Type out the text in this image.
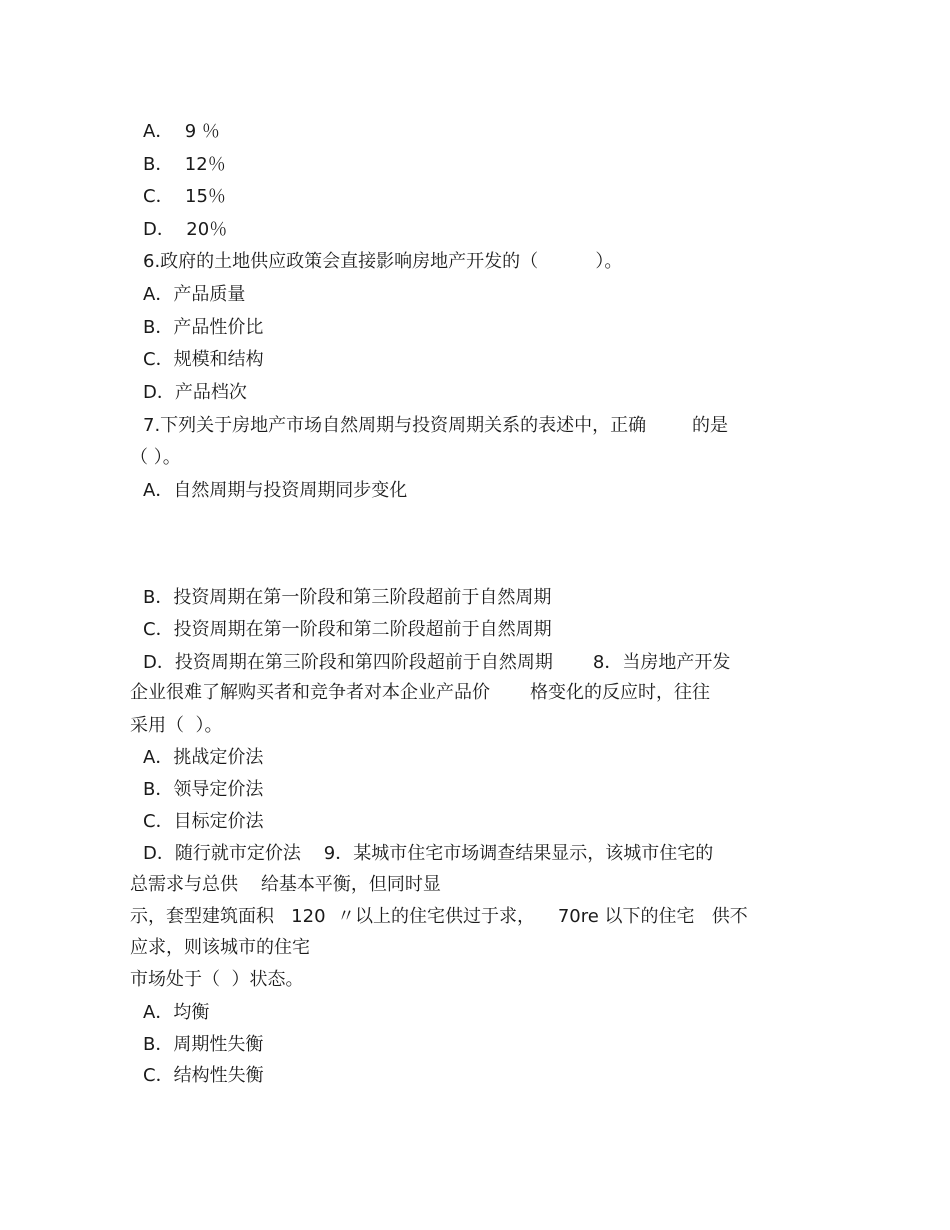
A．  9 ％
B．  12％
C．  15％
D．  20％
6.政府的土地供应政策会直接影响房地产开发的（          ）。
A．产品质量
B．产品性价比
C．规模和结构
D．产品档次
7.下列关于房地产市场自然周期与投资周期关系的表述中，正确        的是
（ ）。
A．自然周期与投资周期同步变化
B．投资周期在第一阶段和第三阶段超前于自然周期
C．投资周期在第一阶段和第二阶段超前于自然周期
D．投资周期在第三阶段和第四阶段超前于自然周期       8．当房地产开发
企业很难了解购买者和竞争者对本企业产品价       格变化的反应时，往往
采用（  ）。
A．挑战定价法
B．领导定价法
C．目标定价法
D．随行就市定价法    9．某城市住宅市场调查结果显示，该城市住宅的
总需求与总供    给基本平衡，但同时显
示，套型建筑面积   120  〃以上的住宅供过于求，    70re 以下的住宅   供不
应求，则该城市的住宅
市场处于（  ）状态。
A．均衡
B．周期性失衡
C．结构性失衡
